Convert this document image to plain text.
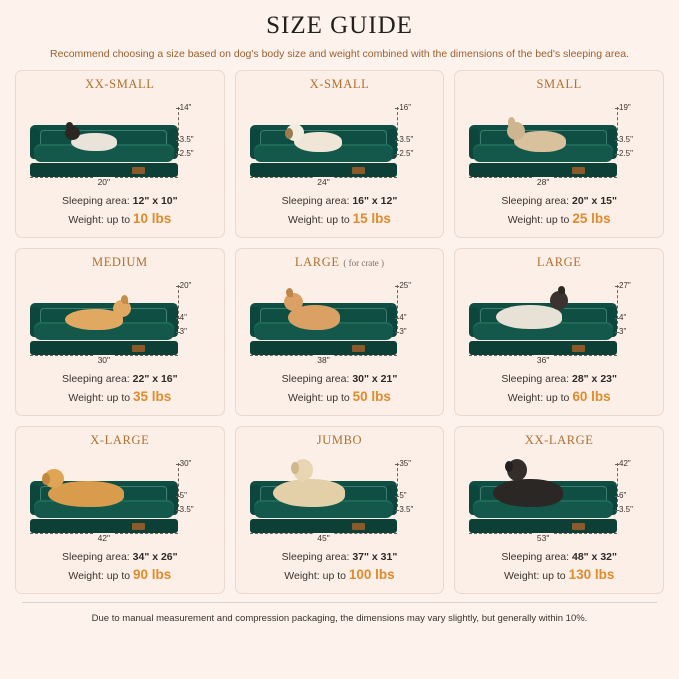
SIZE GUIDE
Recommend choosing a size based on dog's body size and weight combined with the dimensions of the bed's sleeping area.
XX-SMALL
$^{20"}$
14"
3.5"
2.5"
Sleeping area: 12" x 10"
Weight: up to 10 lbs
X-SMALL
$^{24"}$
16"
3.5"
2.5"
Sleeping area: 16" x 12"
Weight: up to 15 lbs
SMALL
$^{28"}$
19"
3.5"
2.5"
Sleeping area: 20" x 15"
Weight: up to 25 lbs
MEDIUM
$^{30"}$
20"
4"
3"
Sleeping area: 22" x 16"
Weight: up to 35 lbs
LARGE ( for crate )
$^{38"}$
25"
4"
3"
Sleeping area: 30" x 21"
Weight: up to 50 lbs
LARGE
$^{36"}$
27"
4"
3"
Sleeping area: 28" x 23"
Weight: up to 60 lbs
X-LARGE
$^{42"}$
30"
5"
3.5"
Sleeping area: 34" x 26"
Weight: up to 90 lbs
JUMBO
$^{45"}$
35"
5"
3.5"
Sleeping area: 37" x 31"
Weight: up to 100 lbs
XX-LARGE
$^{53"}$
42"
6"
3.5"
Sleeping area: 48" x 32"
Weight: up to 130 lbs
Due to manual measurement and compression packaging, the dimensions may vary slightly, but generally within 10%.
